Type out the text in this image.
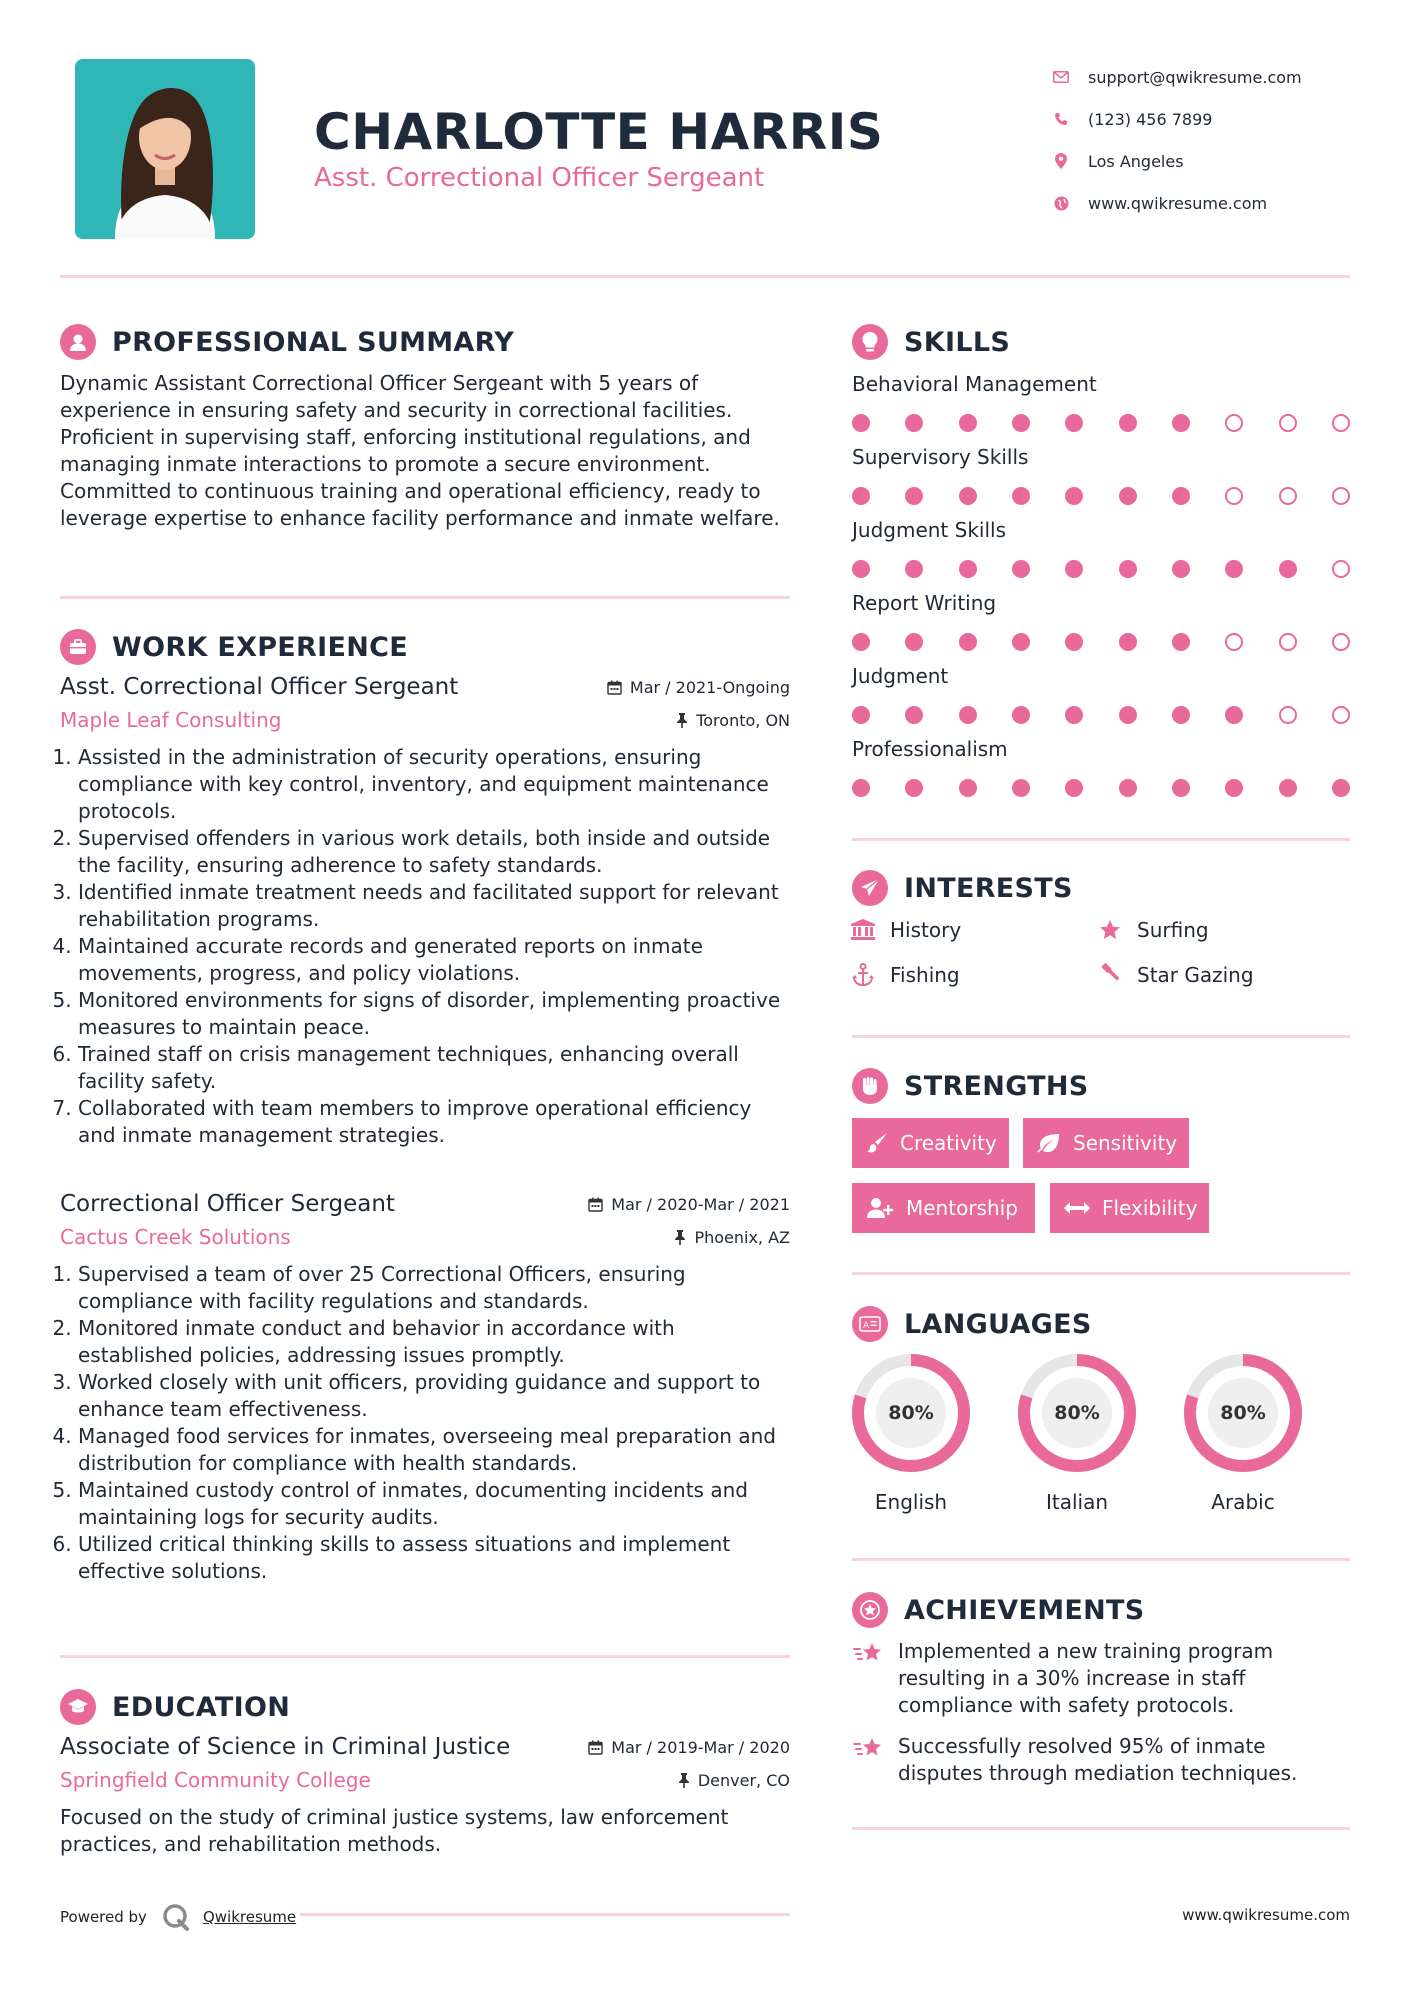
CHARLOTTE HARRIS
Asst. Correctional Officer Sergeant
support@qwikresume.com
(123) 456 7899
Los Angeles
www.qwikresume.com
PROFESSIONAL SUMMARY
Dynamic Assistant Correctional Officer Sergeant with 5 years of experience in ensuring safety and security in correctional facilities. Proficient in supervising staff, enforcing institutional regulations, and managing inmate interactions to promote a secure environment. Committed to continuous training and operational efficiency, ready to leverage expertise to enhance facility performance and inmate welfare.
WORK EXPERIENCE
Asst. Correctional Officer Sergeant	Mar / 2021-Ongoing
Maple Leaf Consulting	Toronto, ON
1. Assisted in the administration of security operations, ensuring compliance with key control, inventory, and equipment maintenance protocols.
2. Supervised offenders in various work details, both inside and outside the facility, ensuring adherence to safety standards.
3. Identified inmate treatment needs and facilitated support for relevant rehabilitation programs.
4. Maintained accurate records and generated reports on inmate movements, progress, and policy violations.
5. Monitored environments for signs of disorder, implementing proactive measures to maintain peace.
6. Trained staff on crisis management techniques, enhancing overall facility safety.
7. Collaborated with team members to improve operational efficiency and inmate management strategies.
Correctional Officer Sergeant	Mar / 2020-Mar / 2021
Cactus Creek Solutions	Phoenix, AZ
1. Supervised a team of over 25 Correctional Officers, ensuring compliance with facility regulations and standards.
2. Monitored inmate conduct and behavior in accordance with established policies, addressing issues promptly.
3. Worked closely with unit officers, providing guidance and support to enhance team effectiveness.
4. Managed food services for inmates, overseeing meal preparation and distribution for compliance with health standards.
5. Maintained custody control of inmates, documenting incidents and maintaining logs for security audits.
6. Utilized critical thinking skills to assess situations and implement effective solutions.
EDUCATION
Associate of Science in Criminal Justice	Mar / 2019-Mar / 2020
Springfield Community College	Denver, CO
Focused on the study of criminal justice systems, law enforcement practices, and rehabilitation methods.
SKILLS
Behavioral Management
Supervisory Skills
Judgment Skills
Report Writing
Judgment
Professionalism
INTERESTS
History	Surfing
Fishing	Star Gazing
STRENGTHS
Creativity	Sensitivity
Mentorship	Flexibility
A LANGUAGES
80%
English
80%
Italian
80%
Arabic
ACHIEVEMENTS
Implemented a new training program resulting in a 30% increase in staff compliance with safety protocols.
Successfully resolved 95% of inmate disputes through mediation techniques.
Powered by	Qwikresume	www.qwikresume.com
